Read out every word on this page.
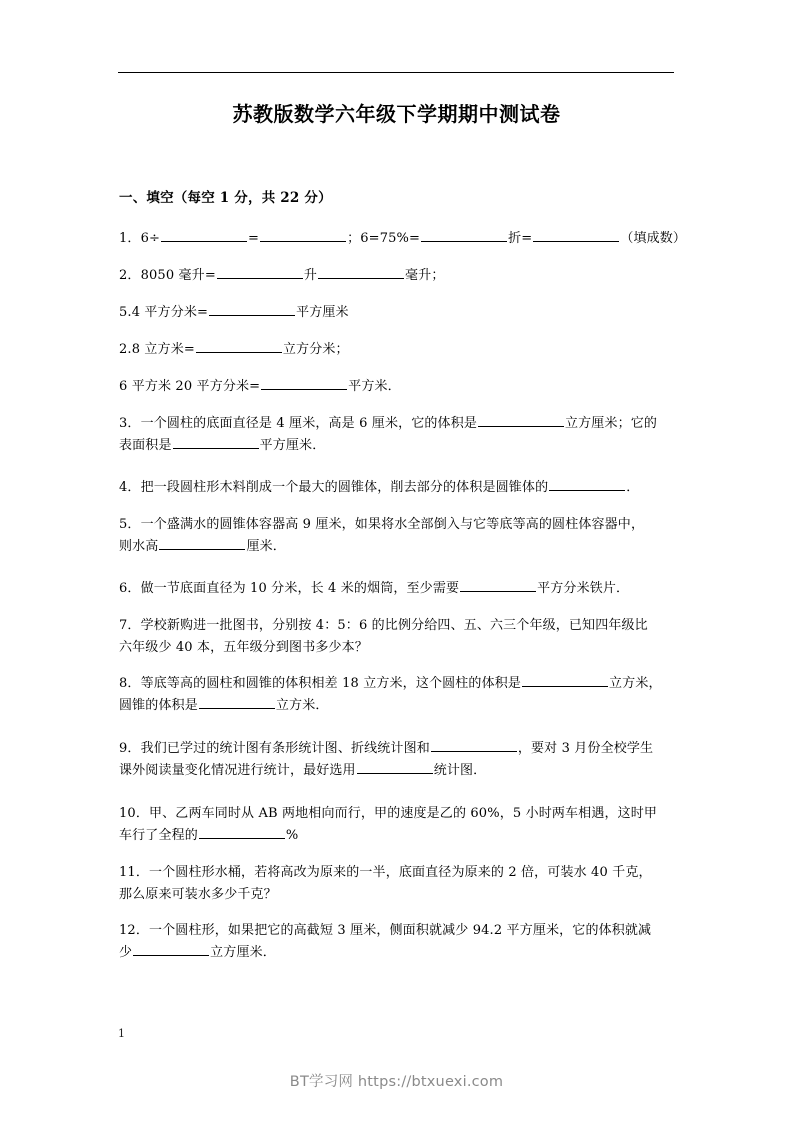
苏教版数学六年级下学期期中测试卷
一、填空（每空 1 分，共 22 分）
1．6÷	=	；6=75%=	折=	（填成数）
2．8050 毫升=	升	毫升；
5.4 平方分米=	平方厘米
2.8 立方米=	立方分米；
6 平方米 20 平方分米=	平方米．
3．一个圆柱的底面直径是 4 厘米，高是 6 厘米，它的体积是	立方厘米；它的
表面积是	平方厘米．
4．把一段圆柱形木料削成一个最大的圆锥体，削去部分的体积是圆锥体的	．
5．一个盛满水的圆锥体容器高 9 厘米，如果将水全部倒入与它等底等高的圆柱体容器中，
则水高	厘米．
6．做一节底面直径为 10 分米，长 4 米的烟筒，至少需要	平方分米铁片．
7．学校新购进一批图书，分别按 4：5：6 的比例分给四、五、六三个年级，已知四年级比
六年级少 40 本，五年级分到图书多少本？
8．等底等高的圆柱和圆锥的体积相差 18 立方米，这个圆柱的体积是	立方米，
圆锥的体积是	立方米．
9．我们已学过的统计图有条形统计图、折线统计图和	，要对 3 月份全校学生
课外阅读量变化情况进行统计，最好选用	统计图．
10．甲、乙两车同时从 AB 两地相向而行，甲的速度是乙的 60%，5 小时两车相遇，这时甲
车行了全程的	%
11．一个圆柱形水桶，若将高改为原来的一半，底面直径为原来的 2 倍，可装水 40 千克，
那么原来可装水多少千克？
12．一个圆柱形，如果把它的高截短 3 厘米，侧面积就减少 94.2 平方厘米，它的体积就减
少	立方厘米．
1
BT学习网 https://btxuexi.com
